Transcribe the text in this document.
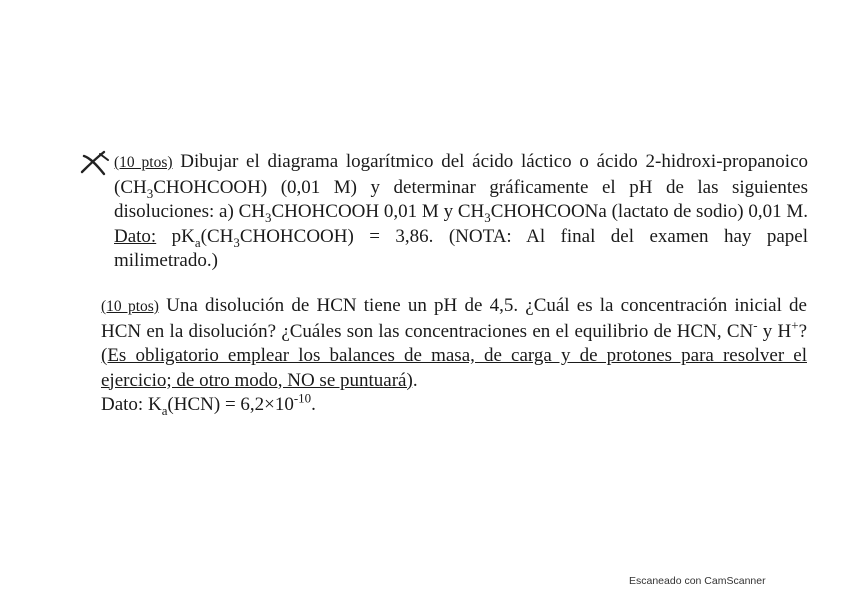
(10 ptos) Dibujar el diagrama logarítmico del ácido láctico o ácido 2-hidroxi-propanoico $(CH_3CHOHCOOH)$ (0,01 M) y determinar gráficamente el pH de las siguientes disoluciones: a) $CH_3CHOHCOOH$ 0,01 M y $CH_3CHOHCOONa$ (lactato de sodio) 0,01 M. Dato: $pK_a(CH_3CHOHCOOH) = 3,86$. (NOTA: Al final del examen hay papel milimetrado.)
(10 ptos) Una disolución de HCN tiene un pH de 4,5. ¿Cuál es la concentración inicial de HCN en la disolución? ¿Cuáles son las concentraciones en el equilibrio de HCN, CN- y H+? (Es obligatorio emplear los balances de masa, de carga y de protones para resolver el ejercicio; de otro modo, NO se puntuará).
Dato: $K_a(HCN) = 6,2\times 10^{-10}$.
Escaneado con CamScanner
